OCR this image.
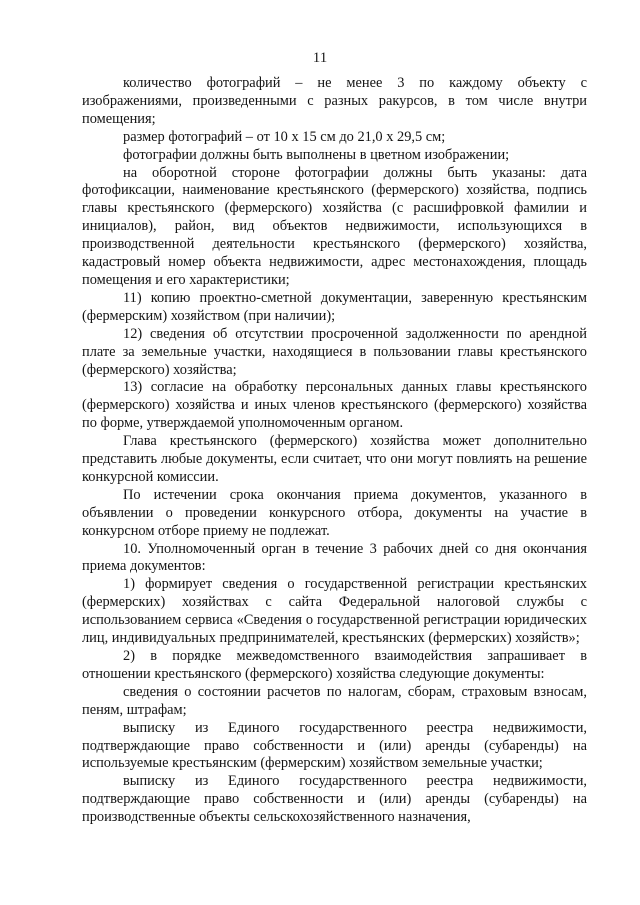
11

количество фотографий – не менее 3 по каждому объекту с изображениями, произведенными с разных ракурсов, в том числе внутри помещения;

размер фотографий – от 10 х 15 см до 21,0 х 29,5 см;

фотографии должны быть выполнены в цветном изображении;

на оборотной стороне фотографии должны быть указаны: дата фотофиксации, наименование крестьянского (фермерского) хозяйства, подпись главы крестьянского (фермерского) хозяйства (с расшифровкой фамилии и инициалов), район, вид объектов недвижимости, использующихся в производственной деятельности крестьянского (фермерского) хозяйства, кадастровый номер объекта недвижимости, адрес местонахождения, площадь помещения и его характеристики;

11) копию проектно-сметной документации, заверенную крестьянским (фермерским) хозяйством (при наличии);

12) сведения об отсутствии просроченной задолженности по арендной плате за земельные участки, находящиеся в пользовании главы крестьянского (фермерского) хозяйства;

13) согласие на обработку персональных данных главы крестьянского (фермерского) хозяйства и иных членов крестьянского (фермерского) хозяйства по форме, утверждаемой уполномоченным органом.

Глава крестьянского (фермерского) хозяйства может дополнительно представить любые документы, если считает, что они могут повлиять на решение конкурсной комиссии.

По истечении срока окончания приема документов, указанного в объявлении о проведении конкурсного отбора, документы на участие в конкурсном отборе приему не подлежат.

10. Уполномоченный орган в течение 3 рабочих дней со дня окончания приема документов:

1) формирует сведения о государственной регистрации крестьянских (фермерских) хозяйствах с сайта Федеральной налоговой службы с использованием сервиса «Сведения о государственной регистрации юридических лиц, индивидуальных предпринимателей, крестьянских (фермерских) хозяйств»;

2) в порядке межведомственного взаимодействия запрашивает в отношении крестьянского (фермерского) хозяйства следующие документы:

сведения о состоянии расчетов по налогам, сборам, страховым взносам, пеням, штрафам;

выписку из Единого государственного реестра недвижимости, подтверждающие право собственности и (или) аренды (субаренды) на используемые крестьянским (фермерским) хозяйством земельные участки;

выписку из Единого государственного реестра недвижимости, подтверждающие право собственности и (или) аренды (субаренды) на производственные объекты сельскохозяйственного назначения,
